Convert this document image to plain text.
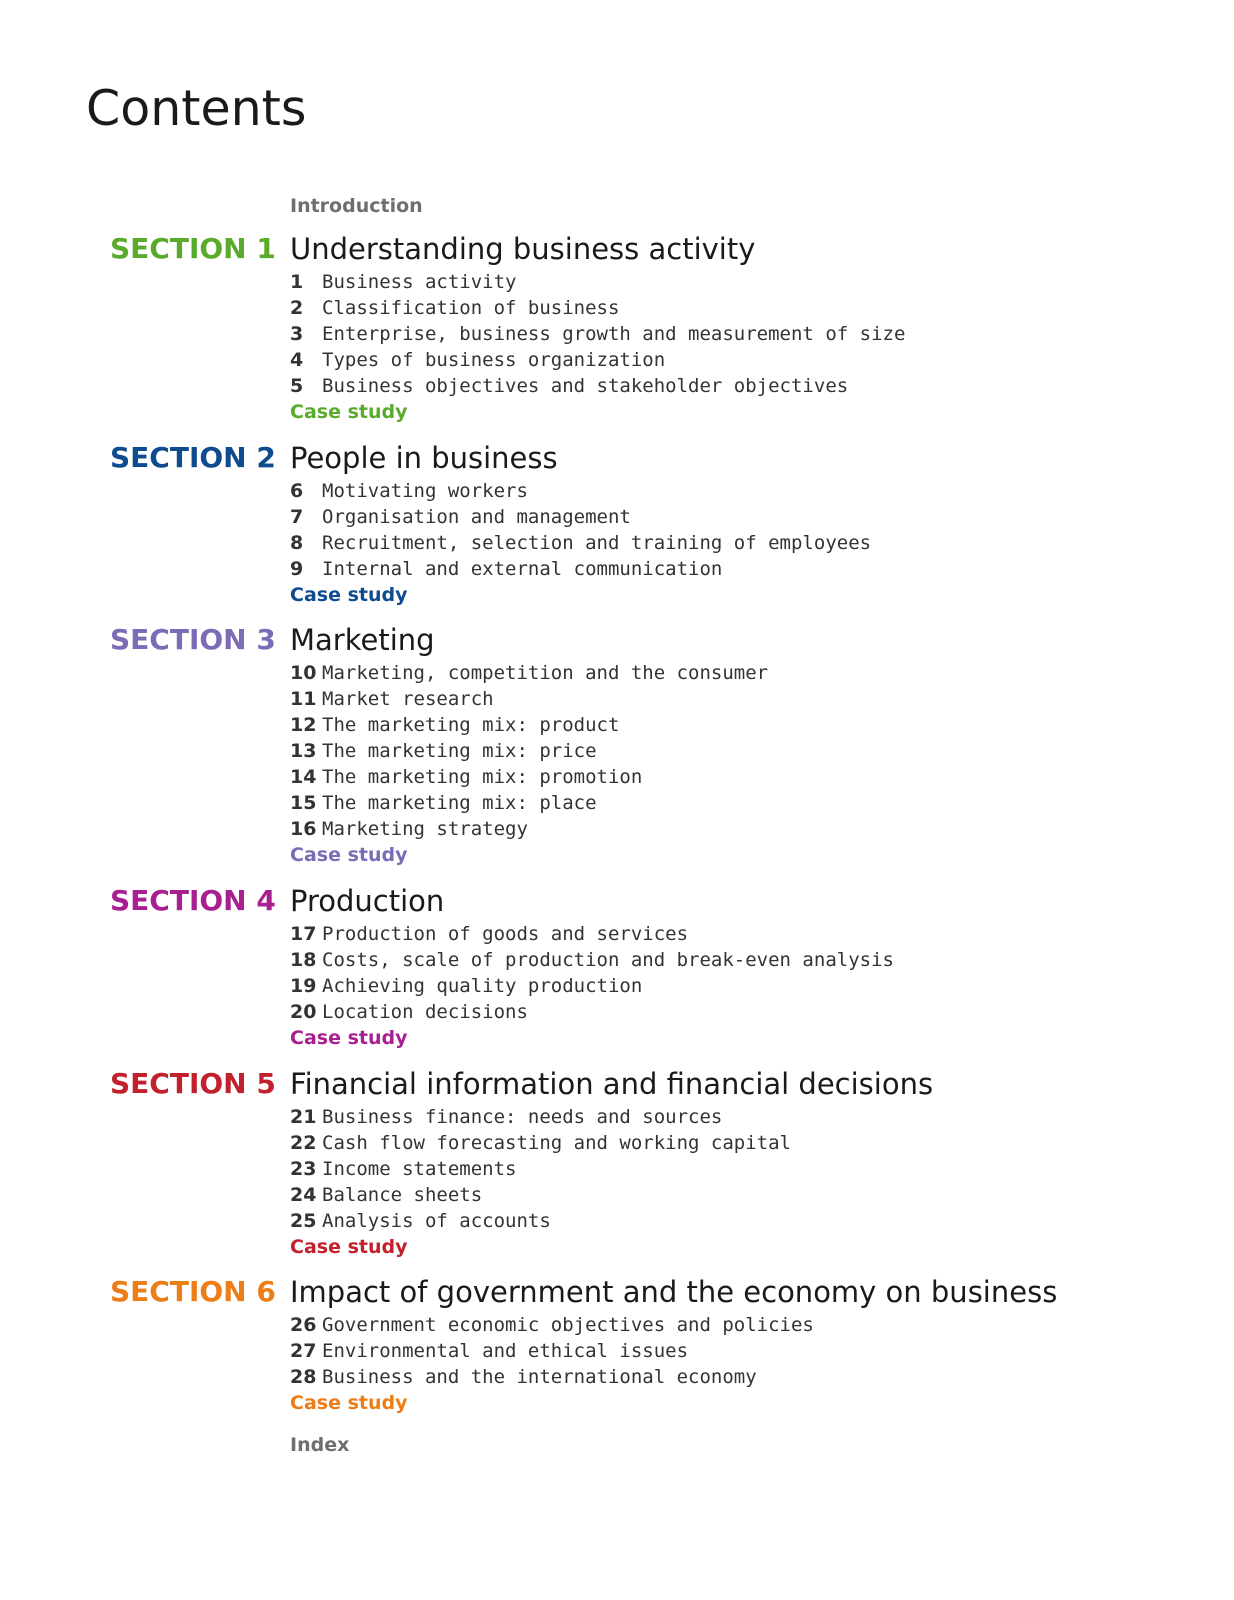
Contents
Introduction
SECTION 1 Understanding business activity
1 Business activity
2 Classification of business
3 Enterprise, business growth and measurement of size
4 Types of business organization
5 Business objectives and stakeholder objectives
Case study
SECTION 2 People in business
6 Motivating workers
7 Organisation and management
8 Recruitment, selection and training of employees
9 Internal and external communication
Case study
SECTION 3 Marketing
10 Marketing, competition and the consumer
11 Market research
12 The marketing mix: product
13 The marketing mix: price
14 The marketing mix: promotion
15 The marketing mix: place
16 Marketing strategy
Case study
SECTION 4 Production
17 Production of goods and services
18 Costs, scale of production and break-even analysis
19 Achieving quality production
20 Location decisions
Case study
SECTION 5 Financial information and financial decisions
21 Business finance: needs and sources
22 Cash flow forecasting and working capital
23 Income statements
24 Balance sheets
25 Analysis of accounts
Case study
SECTION 6 Impact of government and the economy on business
26 Government economic objectives and policies
27 Environmental and ethical issues
28 Business and the international economy
Case study
Index
